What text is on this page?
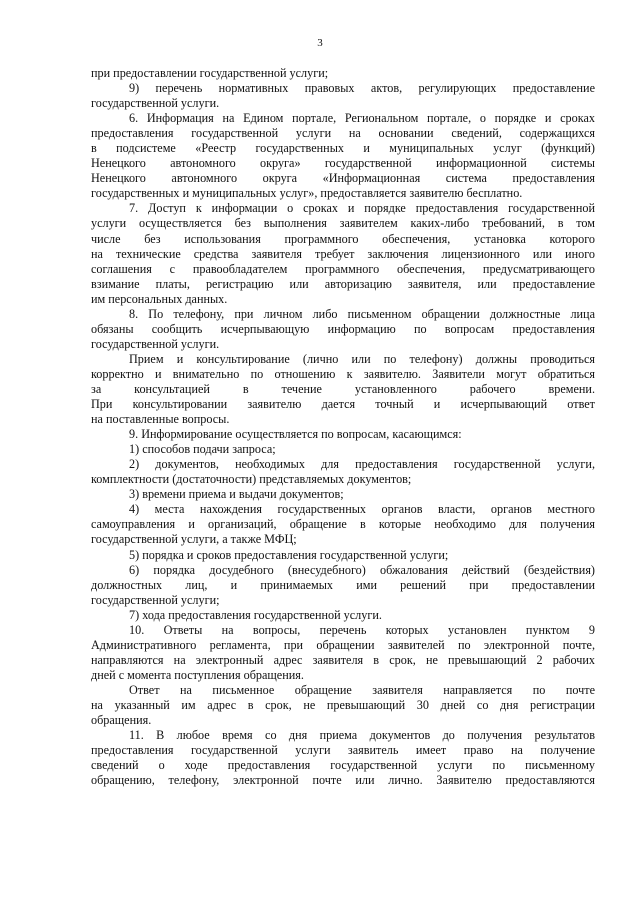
3
при предоставлении государственной услуги;
9) перечень нормативных правовых актов, регулирующих предоставление
государственной услуги.
6. Информация на Едином портале, Региональном портале, о порядке и сроках
предоставления государственной услуги на основании сведений, содержащихся
в подсистеме «Реестр государственных и муниципальных услуг (функций)
Ненецкого автономного округа» государственной информационной системы
Ненецкого автономного округа «Информационная система предоставления
государственных и муниципальных услуг», предоставляется заявителю бесплатно.
7. Доступ к информации о сроках и порядке предоставления государственной
услуги осуществляется без выполнения заявителем каких-либо требований, в том
числе без использования программного обеспечения, установка которого
на технические средства заявителя требует заключения лицензионного или иного
соглашения с правообладателем программного обеспечения, предусматривающего
взимание платы, регистрацию или авторизацию заявителя, или предоставление
им персональных данных.
8. По телефону, при личном либо письменном обращении должностные лица
обязаны сообщить исчерпывающую информацию по вопросам предоставления
государственной услуги.
Прием и консультирование (лично или по телефону) должны проводиться
корректно и внимательно по отношению к заявителю. Заявители могут обратиться
за консультацией в течение установленного рабочего времени.
При консультировании заявителю дается точный и исчерпывающий ответ
на поставленные вопросы.
9. Информирование осуществляется по вопросам, касающимся:
1) способов подачи запроса;
2) документов, необходимых для предоставления государственной услуги,
комплектности (достаточности) представляемых документов;
3) времени приема и выдачи документов;
4) места нахождения государственных органов власти, органов местного
самоуправления и организаций, обращение в которые необходимо для получения
государственной услуги, а также МФЦ;
5) порядка и сроков предоставления государственной услуги;
6) порядка досудебного (внесудебного) обжалования действий (бездействия)
должностных лиц, и принимаемых ими решений при предоставлении
государственной услуги;
7) хода предоставления государственной услуги.
10. Ответы на вопросы, перечень которых установлен пунктом 9
Административного регламента, при обращении заявителей по электронной почте,
направляются на электронный адрес заявителя в срок, не превышающий 2 рабочих
дней с момента поступления обращения.
Ответ на письменное обращение заявителя направляется по почте
на указанный им адрес в срок, не превышающий 30 дней со дня регистрации
обращения.
11. В любое время со дня приема документов до получения результатов
предоставления государственной услуги заявитель имеет право на получение
сведений о ходе предоставления государственной услуги по письменному
обращению, телефону, электронной почте или лично. Заявителю предоставляются
